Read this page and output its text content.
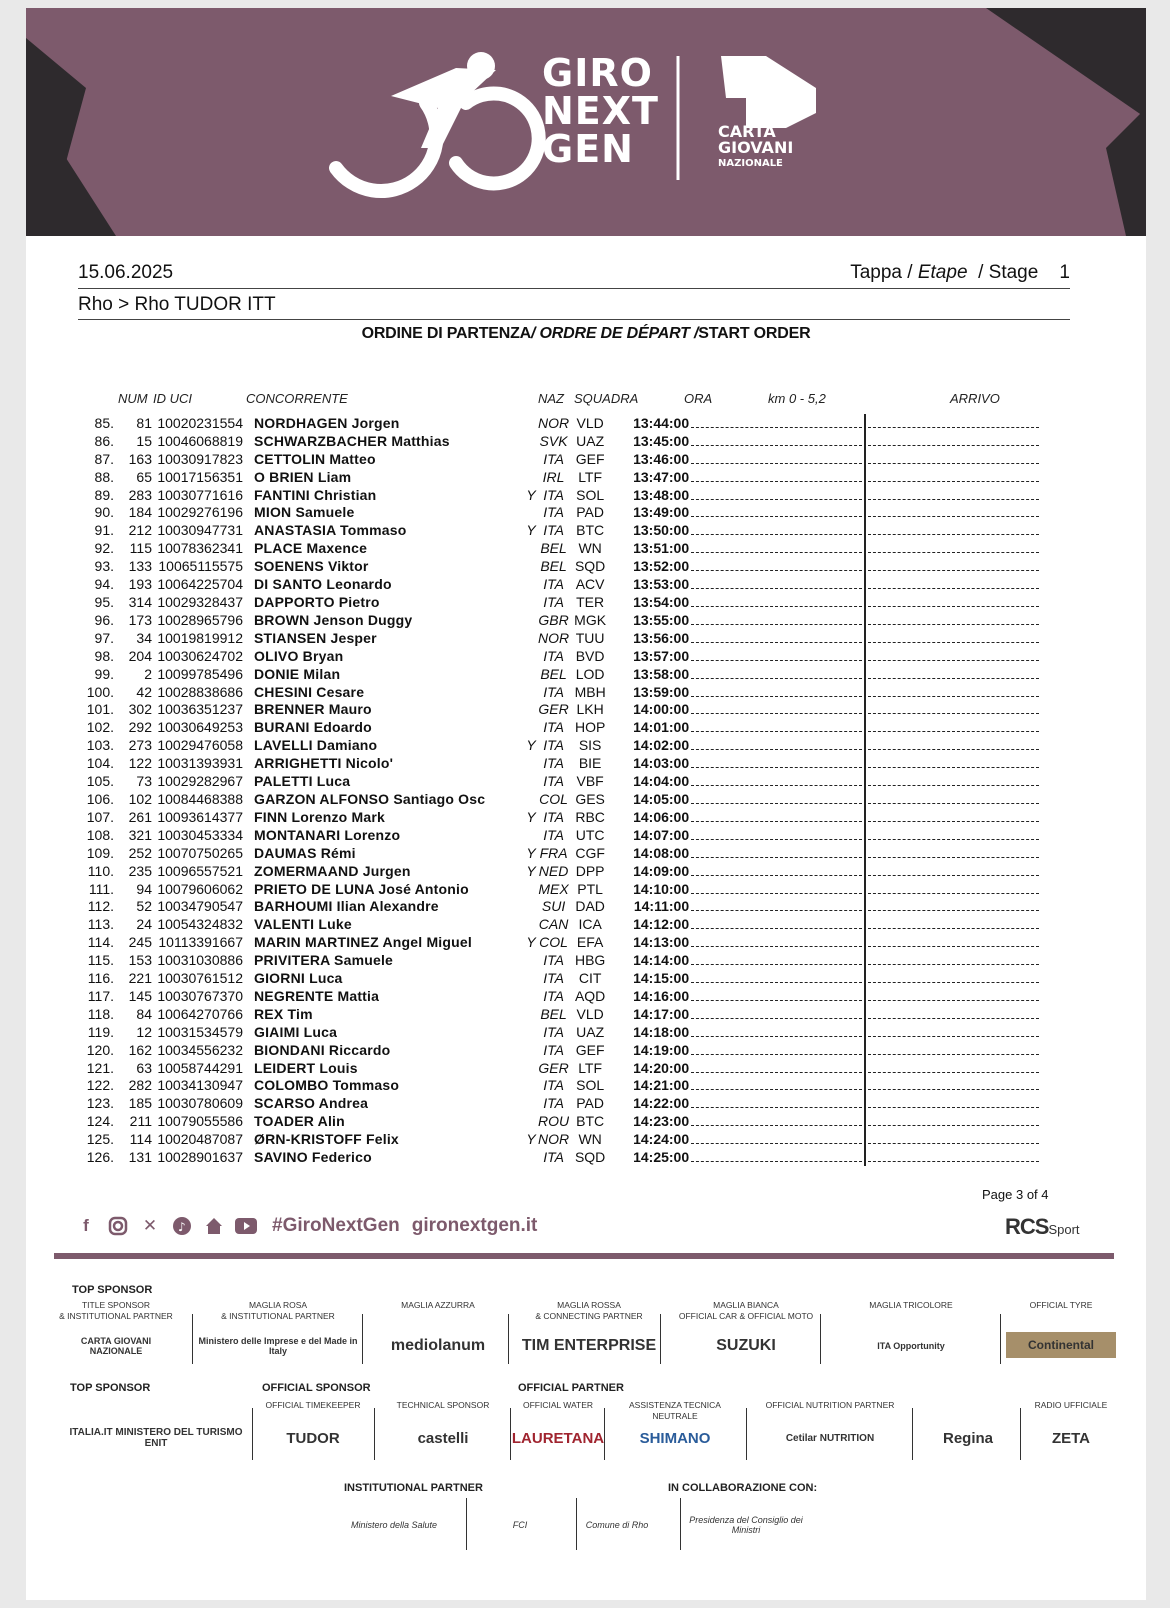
GIRO
NEXT
GEN	CARTA
GIOVANI
NAZIONALE
15.06.2025	Tappa / Etape / Stage 1
Rho > Rho TUDOR ITT
ORDINE DI PARTENZA/ ORDRE DE DÉPART /START ORDER
NUM ID UCI	CONCORRENTE	NAZ SQUADRA	ORA	km 0 - 5,2	ARRIVO
85.	81	10020231554	NORDHAGEN Jorgen		NOR	VLD	13:44:00	

86.	15	10046068819	SCHWARZBACHER Matthias		SVK	UAZ	13:45:00	

87.	163	10030917823	CETTOLIN Matteo		ITA	GEF	13:46:00	

88.	65	10017156351	O BRIEN Liam		IRL	LTF	13:47:00	

89.	283	10030771616	FANTINI Christian	Y	ITA	SOL	13:48:00	

90.	184	10029276196	MION Samuele		ITA	PAD	13:49:00	

91.	212	10030947731	ANASTASIA Tommaso	Y	ITA	BTC	13:50:00	

92.	115	10078362341	PLACE Maxence		BEL	WN	13:51:00	

93.	133	10065115575	SOENENS Viktor		BEL	SQD	13:52:00	

94.	193	10064225704	DI SANTO Leonardo		ITA	ACV	13:53:00	

95.	314	10029328437	DAPPORTO Pietro		ITA	TER	13:54:00	

96.	173	10028965796	BROWN Jenson Duggy		GBR	MGK	13:55:00	

97.	34	10019819912	STIANSEN Jesper		NOR	TUU	13:56:00	

98.	204	10030624702	OLIVO Bryan		ITA	BVD	13:57:00	

99.	2	10099785496	DONIE Milan		BEL	LOD	13:58:00	

100.	42	10028838686	CHESINI Cesare		ITA	MBH	13:59:00	

101.	302	10036351237	BRENNER Mauro		GER	LKH	14:00:00	

102.	292	10030649253	BURANI Edoardo		ITA	HOP	14:01:00	

103.	273	10029476058	LAVELLI Damiano	Y	ITA	SIS	14:02:00	

104.	122	10031393931	ARRIGHETTI Nicolo'		ITA	BIE	14:03:00	

105.	73	10029282967	PALETTI Luca		ITA	VBF	14:04:00	

106.	102	10084468388	GARZON ALFONSO Santiago Osc		COL	GES	14:05:00	

107.	261	10093614377	FINN Lorenzo Mark	Y	ITA	RBC	14:06:00	

108.	321	10030453334	MONTANARI Lorenzo		ITA	UTC	14:07:00	

109.	252	10070750265	DAUMAS Rémi	Y	FRA	CGF	14:08:00	

110.	235	10096557521	ZOMERMAAND Jurgen	Y	NED	DPP	14:09:00	

111.	94	10079606062	PRIETO DE LUNA José Antonio		MEX	PTL	14:10:00	

112.	52	10034790547	BARHOUMI Ilian Alexandre		SUI	DAD	14:11:00	

113.	24	10054324832	VALENTI Luke		CAN	ICA	14:12:00	

114.	245	10113391667	MARIN MARTINEZ Angel Miguel	Y	COL	EFA	14:13:00	

115.	153	10031030886	PRIVITERA Samuele		ITA	HBG	14:14:00	

116.	221	10030761512	GIORNI Luca		ITA	CIT	14:15:00	

117.	145	10030767370	NEGRENTE Mattia		ITA	AQD	14:16:00	

118.	84	10064270766	REX Tim		BEL	VLD	14:17:00	

119.	12	10031534579	GIAIMI Luca		ITA	UAZ	14:18:00	

120.	162	10034556232	BIONDANI Riccardo		ITA	GEF	14:19:00	

121.	63	10058744291	LEIDERT Louis		GER	LTF	14:20:00	

122.	282	10034130947	COLOMBO Tommaso		ITA	SOL	14:21:00	

123.	185	10030780609	SCARSO Andrea		ITA	PAD	14:22:00	

124.	211	10079055586	TOADER Alin		ROU	BTC	14:23:00	

125.	114	10020487087	ØRN-KRISTOFF Felix	Y	NOR	WN	14:24:00	

126.	131	10028901637	SAVINO Federico		ITA	SQD	14:25:00	

Page 3 of 4
f	✕	♪	#GiroNextGen gironextgen.it	RCSSport
TOP SPONSOR
TITLE SPONSOR
& INSTITUTIONAL PARTNER
CARTA GIOVANI NAZIONALE
MAGLIA ROSA
& INSTITUTIONAL PARTNER
Ministero delle Imprese e del Made in Italy
MAGLIA AZZURRA
mediolanum
MAGLIA ROSSA
& CONNECTING PARTNER
TIM ENTERPRISE
MAGLIA BIANCA
OFFICIAL CAR & OFFICIAL MOTO
SUZUKI
MAGLIA TRICOLORE
ITA Opportunity
OFFICIAL TYRE
Continental
TOP SPONSOR	OFFICIAL SPONSOR	OFFICIAL PARTNER
ITALIA.IT MINISTERO DEL TURISMO ENIT
OFFICIAL TIMEKEEPER
TUDOR
TECHNICAL SPONSOR
castelli
OFFICIAL WATER
LAURETANA
ASSISTENZA TECNICA
NEUTRALE
SHIMANO
OFFICIAL NUTRITION PARTNER
Cetilar NUTRITION	Regina
RADIO UFFICIALE
ZETA
INSTITUTIONAL PARTNER	IN COLLABORAZIONE CON:
Ministero della Salute	FCI	Comune di Rho	Presidenza del Consiglio dei Ministri
